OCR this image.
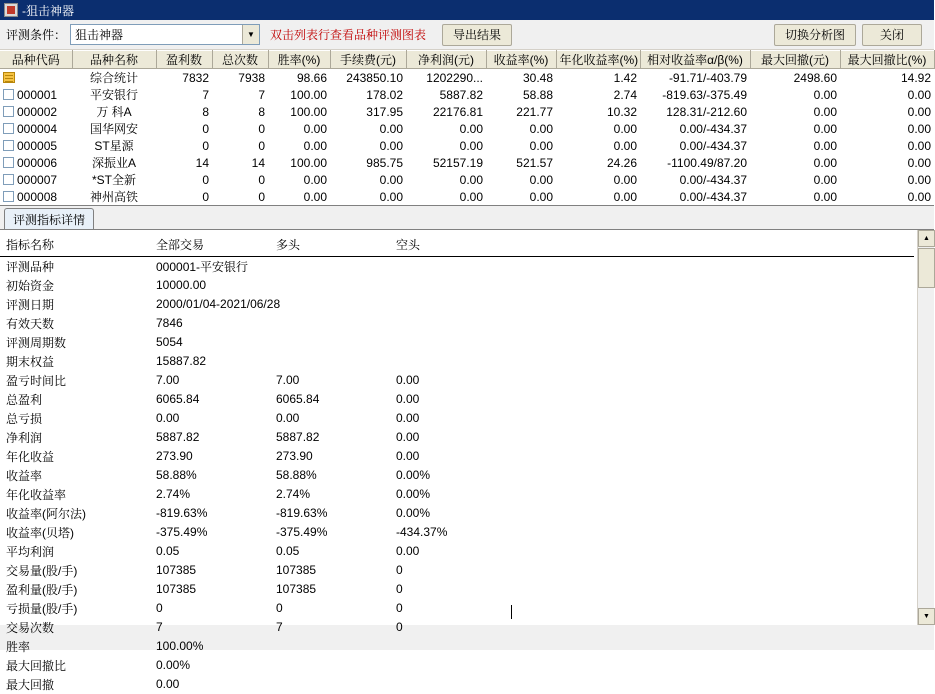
-狙击神器
评测条件： 狙击神器	▼	双击列表行查看品种评测图表	导出结果	切换分析图	关闭
品种代码	品种名称	盈利数	总次数	胜率(%)	手续费(元)	净利润(元)	收益率(%)	年化收益率(%)	相对收益率α/β(%)	最大回撤(元)	最大回撤比(%)
	综合统计	7832	7938	98.66	243850.10	1202290...	30.48	1.42	-91.71/-403.79	2498.60	14.92
000001	平安银行	7	7	100.00	178.02	5887.82	58.88	2.74	-819.63/-375.49	0.00	0.00
000002	万 科A	8	8	100.00	317.95	22176.81	221.77	10.32	128.31/-212.60	0.00	0.00
000004	国华网安	0	0	0.00	0.00	0.00	0.00	0.00	0.00/-434.37	0.00	0.00
000005	ST星源	0	0	0.00	0.00	0.00	0.00	0.00	0.00/-434.37	0.00	0.00
000006	深振业A	14	14	100.00	985.75	52157.19	521.57	24.26	-1100.49/87.20	0.00	0.00
000007	*ST全新	0	0	0.00	0.00	0.00	0.00	0.00	0.00/-434.37	0.00	0.00
000008	神州高铁	0	0	0.00	0.00	0.00	0.00	0.00	0.00/-434.37	0.00	0.00
评测指标详情
指标名称	全部交易	多头	空头	
评测品种	000001-平安银行			
初始资金	10000.00			
评测日期	2000/01/04-2021/06/28			
有效天数	7846			
评测周期数	5054			
期末权益	15887.82			
盈亏时间比	7.00	7.00	0.00	
总盈利	6065.84	6065.84	0.00	
总亏损	0.00	0.00	0.00	
净利润	5887.82	5887.82	0.00	
年化收益	273.90	273.90	0.00	
收益率	58.88%	58.88%	0.00%	
年化收益率	2.74%	2.74%	0.00%	
收益率(阿尔法)	-819.63%	-819.63%	0.00%	
收益率(贝塔)	-375.49%	-375.49%	-434.37%	
平均利润	0.05	0.05	0.00	
交易量(股/手)	107385	107385	0	
盈利量(股/手)	107385	107385	0	
亏损量(股/手)	0	0	0	
交易次数	7	7	0	
胜率	100.00%			
最大回撤比	0.00%			
最大回撤	0.00			
▲
▼
